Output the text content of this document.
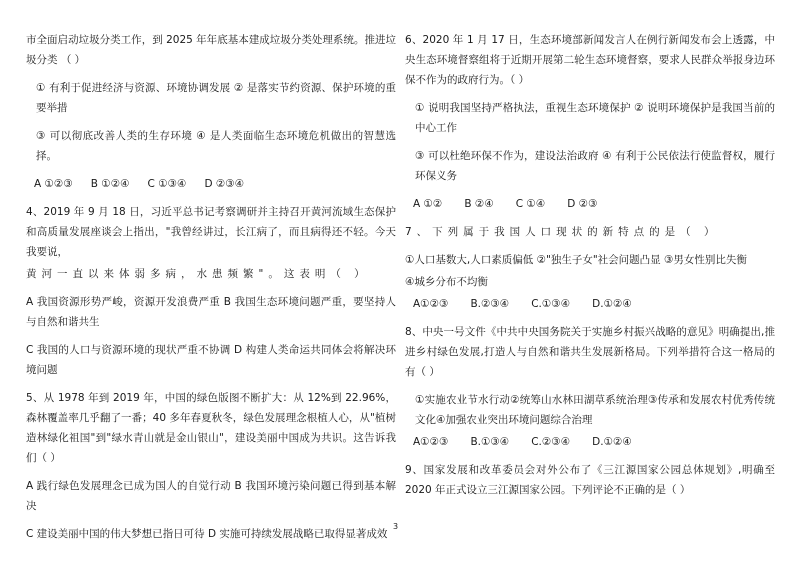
市全面启动垃圾分类工作，到 2025 年年底基本建成垃圾分类处理系统。推进垃圾分类 （ ）

① 有利于促进经济与资源、环境协调发展 ② 是落实节约资源、保护环境的重要举措

③ 可以彻底改善人类的生存环境 ④ 是人类面临生态环境危机做出的智慧选择。

A ①②③ B ①②④ C ①③④ D ②③④

4、2019 年 9 月 18 日，习近平总书记考察调研并主持召开黄河流域生态保护和高质量发展座谈会上指出，"我曾经讲过，长江病了，而且病得还不轻。今天我要说，

黄河一直以来体弱多病，水患频繁"。这表明（ ）

A 我国资源形势严峻，资源开发浪费严重 B 我国生态环境问题严重，要坚持人与自然和谐共生

C 我国的人口与资源环境的现状严重不协调 D 构建人类命运共同体会将解决环境问题

5、从 1978 年到 2019 年，中国的绿色版图不断扩大：从 12%到 22.96%，森林覆盖率几乎翻了一番；40 多年春夏秋冬，绿色发展理念根植人心，从"植树造林绿化祖国"到"绿水青山就是金山银山"，建设美丽中国成为共识。这告诉我们（ ）

A 践行绿色发展理念已成为国人的自觉行动 B 我国环境污染问题已得到基本解决

C 建设美丽中国的伟大梦想已指日可待 D 实施可持续发展战略已取得显著成效

6、2020 年 1 月 17 日，生态环境部新闻发言人在例行新闻发布会上透露，中央生态环境督察组将于近期开展第二轮生态环境督察，要求人民群众举报身边环保不作为的政府行为。（ ）

① 说明我国坚持严格执法，重视生态环境保护 ② 说明环境保护是我国当前的中心工作

③ 可以杜绝环保不作为，建设法治政府 ④ 有利于公民依法行使监督权，履行环保义务

A ①② B ②④ C ①④ D ②③

7、下列属于我国人口现状的新特点的是（ ）

①人口基数大,人口素质偏低 ②"独生子女"社会问题凸显 ③男女性别比失衡

④城乡分布不均衡

A①②③ B.②③④ C.①③④ D.①②④

8、中央一号文件《中共中央国务院关于实施乡村振兴战略的意见》明确提出,推进乡村绿色发展,打造人与自然和谐共生发展新格局。下列举措符合这一格局的有（ ）

①实施农业节水行动②统筹山水林田湖草系统治理③传承和发展农村优秀传统文化④加强农业突出环境问题综合治理

A①②③ B.①③④ C.②③④ D.①②④

9、国家发展和改革委员会对外公布了《三江源国家公园总体规划》,明确至 2020 年正式设立三江源国家公园。下列评论不正确的是（ ）

3
